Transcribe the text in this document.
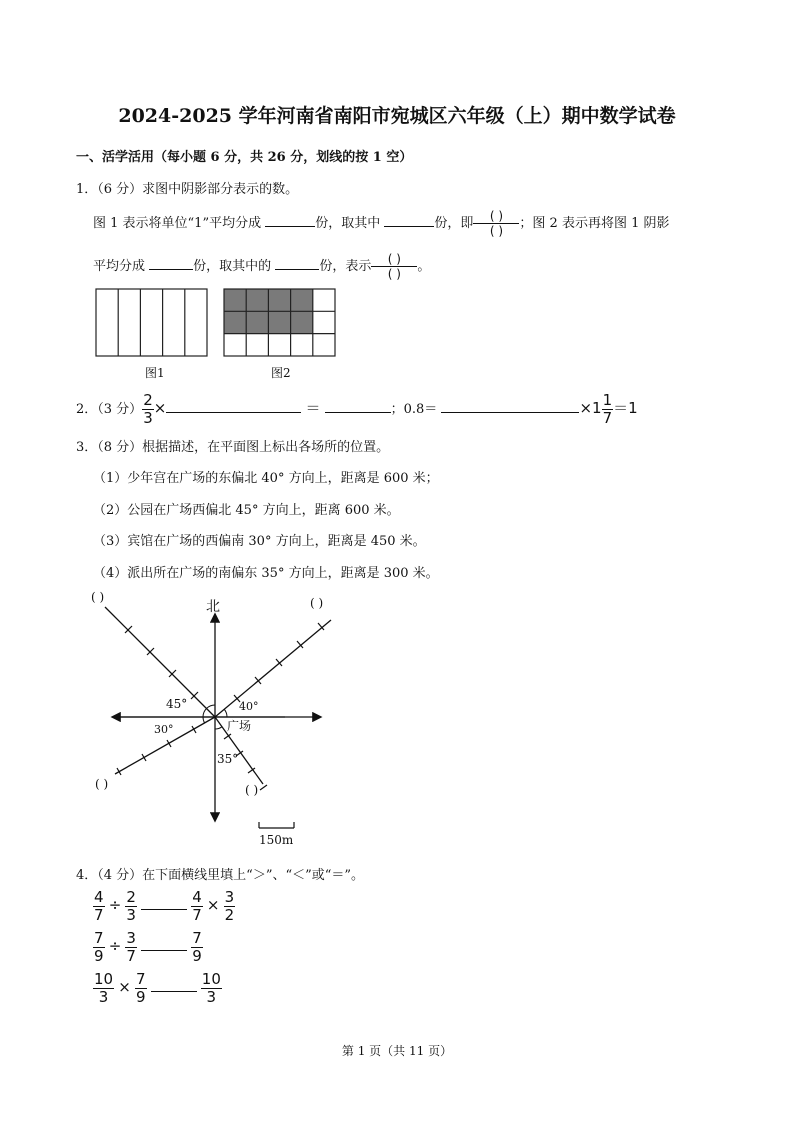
2024-2025 学年河南省南阳市宛城区六年级（上）期中数学试卷
一、活学活用（每小题 6 分，共 26 分，划线的按 1 空）
1．（6 分）求图中阴影部分表示的数。
图 1 表示将单位“1”平均分成	份，取其中	份，即 $\frac{( )}{( )}$ ；图 2 表示再将图 1 阴影
平均分成	份，取其中的	份，表示 $\frac{( )}{( )}$ 。
图1	图2
2．（3 分） $\frac{2}{3}$ ×	＝	；0.8＝	$\times 1 \frac{1}{7} =1$
3．（8 分）根据描述，在平面图上标出各场所的位置。
（1）少年宫在广场的东偏北 40° 方向上，距离是 600 米；
（2）公园在广场西偏北 45° 方向上，距离 600 米。
（3）宾馆在广场的西偏南 30° 方向上，距离是 450 米。
（4）派出所在广场的南偏东 35° 方向上，距离是 300 米。
北
广场
45°	40°
30°
35°
( )	( )
( )	( )
150m
4．（4 分）在下面横线里填上“＞”、“＜”或“＝”。
$\frac{4}{7} \div \frac{2}{3}$
	$\frac{4}{7} \times \frac{3}{2}$
$\frac{7}{9} \div \frac{3}{7}$
	$\frac{7}{9}$
$\frac{10}{3} \times \frac{7}{9}$
	$\frac{10}{3}$
第 1 页（共 11 页）
